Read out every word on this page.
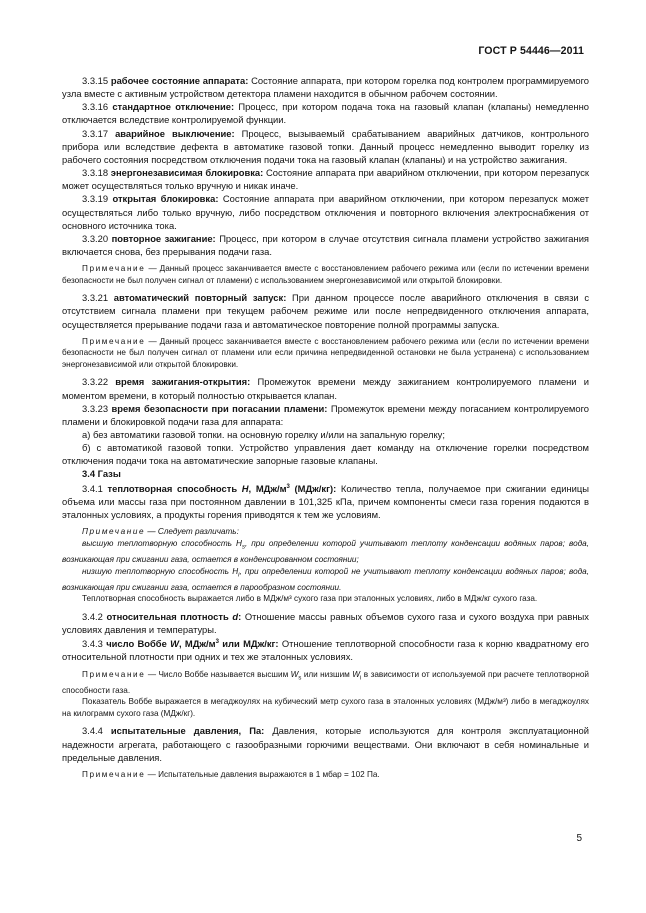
ГОСТ Р 54446—2011

3.3.15 рабочее состояние аппарата: Состояние аппарата, при котором горелка под контролем программируемого узла вместе с активным устройством детектора пламени находится в обычном рабочем состоянии.

3.3.16 стандартное отключение: Процесс, при котором подача тока на газовый клапан (клапаны) немедленно отключается вследствие контролируемой функции.

3.3.17 аварийное выключение: Процесс, вызываемый срабатыванием аварийных датчиков, контрольного прибора или вследствие дефекта в автоматике газовой топки. Данный процесс немедленно выводит горелку из рабочего состояния посредством отключения подачи тока на газовый клапан (клапаны) и на устройство зажигания.

3.3.18 энергонезависимая блокировка: Состояние аппарата при аварийном отключении, при котором перезапуск может осуществляться только вручную и никак иначе.

3.3.19 открытая блокировка: Состояние аппарата при аварийном отключении, при котором перезапуск может осуществляться либо только вручную, либо посредством отключения и повторного включения электроснабжения от основного источника тока.

3.3.20 повторное зажигание: Процесс, при котором в случае отсутствия сигнала пламени устройство зажигания включается снова, без прерывания подачи газа.

Примечание — Данный процесс заканчивается вместе с восстановлением рабочего режима или (если по истечении времени безопасности не был получен сигнал от пламени) с использованием энергонезависимой или открытой блокировки.

3.3.21 автоматический повторный запуск: При данном процессе после аварийного отключения в связи с отсутствием сигнала пламени при текущем рабочем режиме или после непредвиденного отключения аппарата, осуществляется прерывание подачи газа и автоматическое повторение полной программы запуска.

Примечание — Данный процесс заканчивается вместе с восстановлением рабочего режима или (если по истечении времени безопасности не был получен сигнал от пламени или если причина непредвиденной остановки не была устранена) с использованием энергонезависимой или открытой блокировки.

3.3.22 время зажигания-открытия: Промежуток времени между зажиганием контролируемого пламени и моментом времени, в который полностью открывается клапан.

3.3.23 время безопасности при погасании пламени: Промежуток времени между погасанием контролируемого пламени и блокировкой подачи газа для аппарата:

а) без автоматики газовой топки. на основную горелку и/или на запальную горелку;

б) с автоматикой газовой топки. Устройство управления дает команду на отключение горелки посредством отключения подачи тока на автоматические запорные газовые клапаны.

3.4 Газы

3.4.1 теплотворная способность H, МДж/$м^3$ (МДж/кг): Количество тепла, получаемое при сжигании единицы объема или массы газа при постоянном давлении в 101,325 кПа, причем компоненты смеси газа горения подаются в эталонных условиях, а продукты горения приводятся к тем же условиям.

Примечание — Следует различать:

высшую теплотворную способность $H_s$, при определении которой учитывают теплоту конденсации водяных паров; вода, возникающая при сжигании газа, остается в конденсированном состоянии;

низшую теплотворную способность $H_i$, при определении которой не учитывают теплоту конденсации водяных паров; вода, возникающая при сжигании газа, остается в парообразном состоянии.

Теплотворная способность выражается либо в МДж/м³ сухого газа при эталонных условиях, либо в МДж/кг сухого газа.

3.4.2 относительная плотность d: Отношение массы равных объемов сухого газа и сухого воздуха при равных условиях давления и температуры.

3.4.3 число Воббе W, МДж/$м^3$ или МДж/кг: Отношение теплотворной способности газа к корню квадратному его относительной плотности при одних и тех же эталонных условиях.

Примечание — Число Воббе называется высшим $W_s$ или низшим $W_i$ в зависимости от используемой при расчете теплотворной способности газа.

Показатель Воббе выражается в мегаджоулях на кубический метр сухого газа в эталонных условиях (МДж/м³) либо в мегаджоулях на килограмм сухого газа (МДж/кг).

3.4.4 испытательные давления, Па: Давления, которые используются для контроля эксплуатационной надежности агрегата, работающего с газообразными горючими веществами. Они включают в себя номинальные и предельные давления.

Примечание — Испытательные давления выражаются в 1 мбар = 102 Па.

5
